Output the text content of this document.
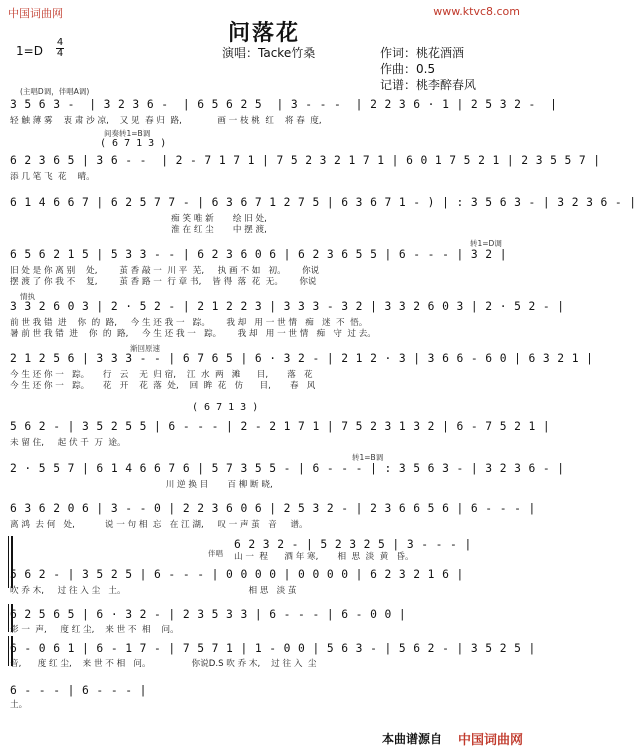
中国词曲网	www.ktvc8.com
问落花
1=D
4
4	演唱：Tacke竹桑	作词：桃花酒酒
作曲：0.5
记谱：桃李醉春风
(主唱D调，伴唱A调)
3 5 6 3 -  | 3 2 3 6 -  | 6 5 6 2 5  | 3 - - -  | 2 2 3 6 · 1 | 2 5 3 2 -  |
轻 触 薄 雾    衷 肃 沙 凉,    又 见  春 归  路,             画 一 枝 桃  红    将 春  度,
间奏转1=B调
( 6 7 1 3 )
6 2 3 6 5 | 3 6 - -  | 2 - 7 1 7 1 | 7 5 2 3 2 1 7 1 | 6 0 1 7 5 2 1 | 2 3 5 5 7 |
添 几 笔 飞  花    晴。
6 1 4 6 6 7 | 6 2 5 7 7 - | 6 3 6 7 1 2 7 5 | 6 3 6 7 1 - ) | : 3 5 6 3 - | 3 2 3 6 - |
痴 笑 唯 新       绘 旧 处,
淮 在 红 尘       中 摆 渡,
转1=D调
6 5 6 2 1 5 | 5 3 3 - - | 6 2 3 6 0 6 | 6 2 3 6 5 5 | 6 - - - | 3 2 |
旧 处 是 你 离 别    处,        茧 香 敲 一  川 平  芜,     执 画 不 如   初。      你说
摆 渡 了 你 我 不    复,        茧 香 路 一  行 章 书,    皆 得  落  花  无。      你说
情执
3 3 2 6 0 3 | 2 · 5 2 - | 2 1 2 2 3 | 3 3 3 - 3 2 | 3 3 2 6 0 3 | 2 · 5 2 - |
前 世 我 错  进    你  的  路,     今 生 还 我 一   踪。      我 却   用 一 世 情   痴   迷  不  悟。
暑 前 世 我 错  进    你  的  路,     今 生 还 我 一   踪。      我 却   用 一 世 情   痴   守  过 去。
渐回原速
2 1 2 5 6 | 3 3 3 - - | 6 7 6 5 | 6 · 3 2 - | 2 1 2 · 3 | 3 6 6 - 6 0 | 6 3 2 1 |
今 生 还 你 一   踪。     行   云    无  归 宿,    江  水  两   滩      目,       落   花
今 生 还 你 一   踪。     花   开    花  落  处,    回  眸  花   仿      目,       春   风
( 6 7 1 3 )
5 6 2 - | 3 5 2 5 5 | 6 - - - | 2 - 2 1 7 1 | 7 5 2 3 1 3 2 | 6 - 7 5 2 1 |
未 留 住,     起 伏 千  万  途。
转1=B调
2 · 5 5 7 | 6 1 4 6 6 7 6 | 5 7 3 5 5 - | 6 - - - | : 3 5 6 3 - | 3 2 3 6 - |
川 逆 换 目       百 柳 断 晓,
6 3 6 2 0 6 | 3 - - 0 | 2 2 3 6 0 6 | 2 5 3 2 - | 2 3 6 6 5 6 | 6 - - - |
离 鸿  去 何   处,           说 一 句 相  忘   在 江 湖,     叹 一 声 茧   音     谱。
伴唱
6 2 3 2 - | 5 2 3 2 5 | 3 - - - |
山 一  程      酒 年 寒,       相  思  淡  黄   昏。
5 6 2 - | 3 5 2 5 | 6 - - - | 0 0 0 0 | 0 0 0 0 | 6 2 3 2 1 6 |
吹 乔 木,     过 往 入 尘   土。                                             相 思   淡 茧
6 2 5 6 5 | 6 · 3 2 - | 2 3 5 3 3 | 6 - - - | 6 - 0 0 |
影 一  声,     度 红 尘,    来 世 不  相    问。
6 - 0 6 1 | 6 - 1 7 - | 7 5 7 1 | 1 - 0 0 | 5 6 3 - | 5 6 2 - | 3 5 2 5 |
音,      度 红 尘,    来 世 不 相   问。               你说D.S 吹 乔 木,    过 往 入  尘
6 - - - | 6 - - - |
土。
本曲谱源自 中国词曲网
